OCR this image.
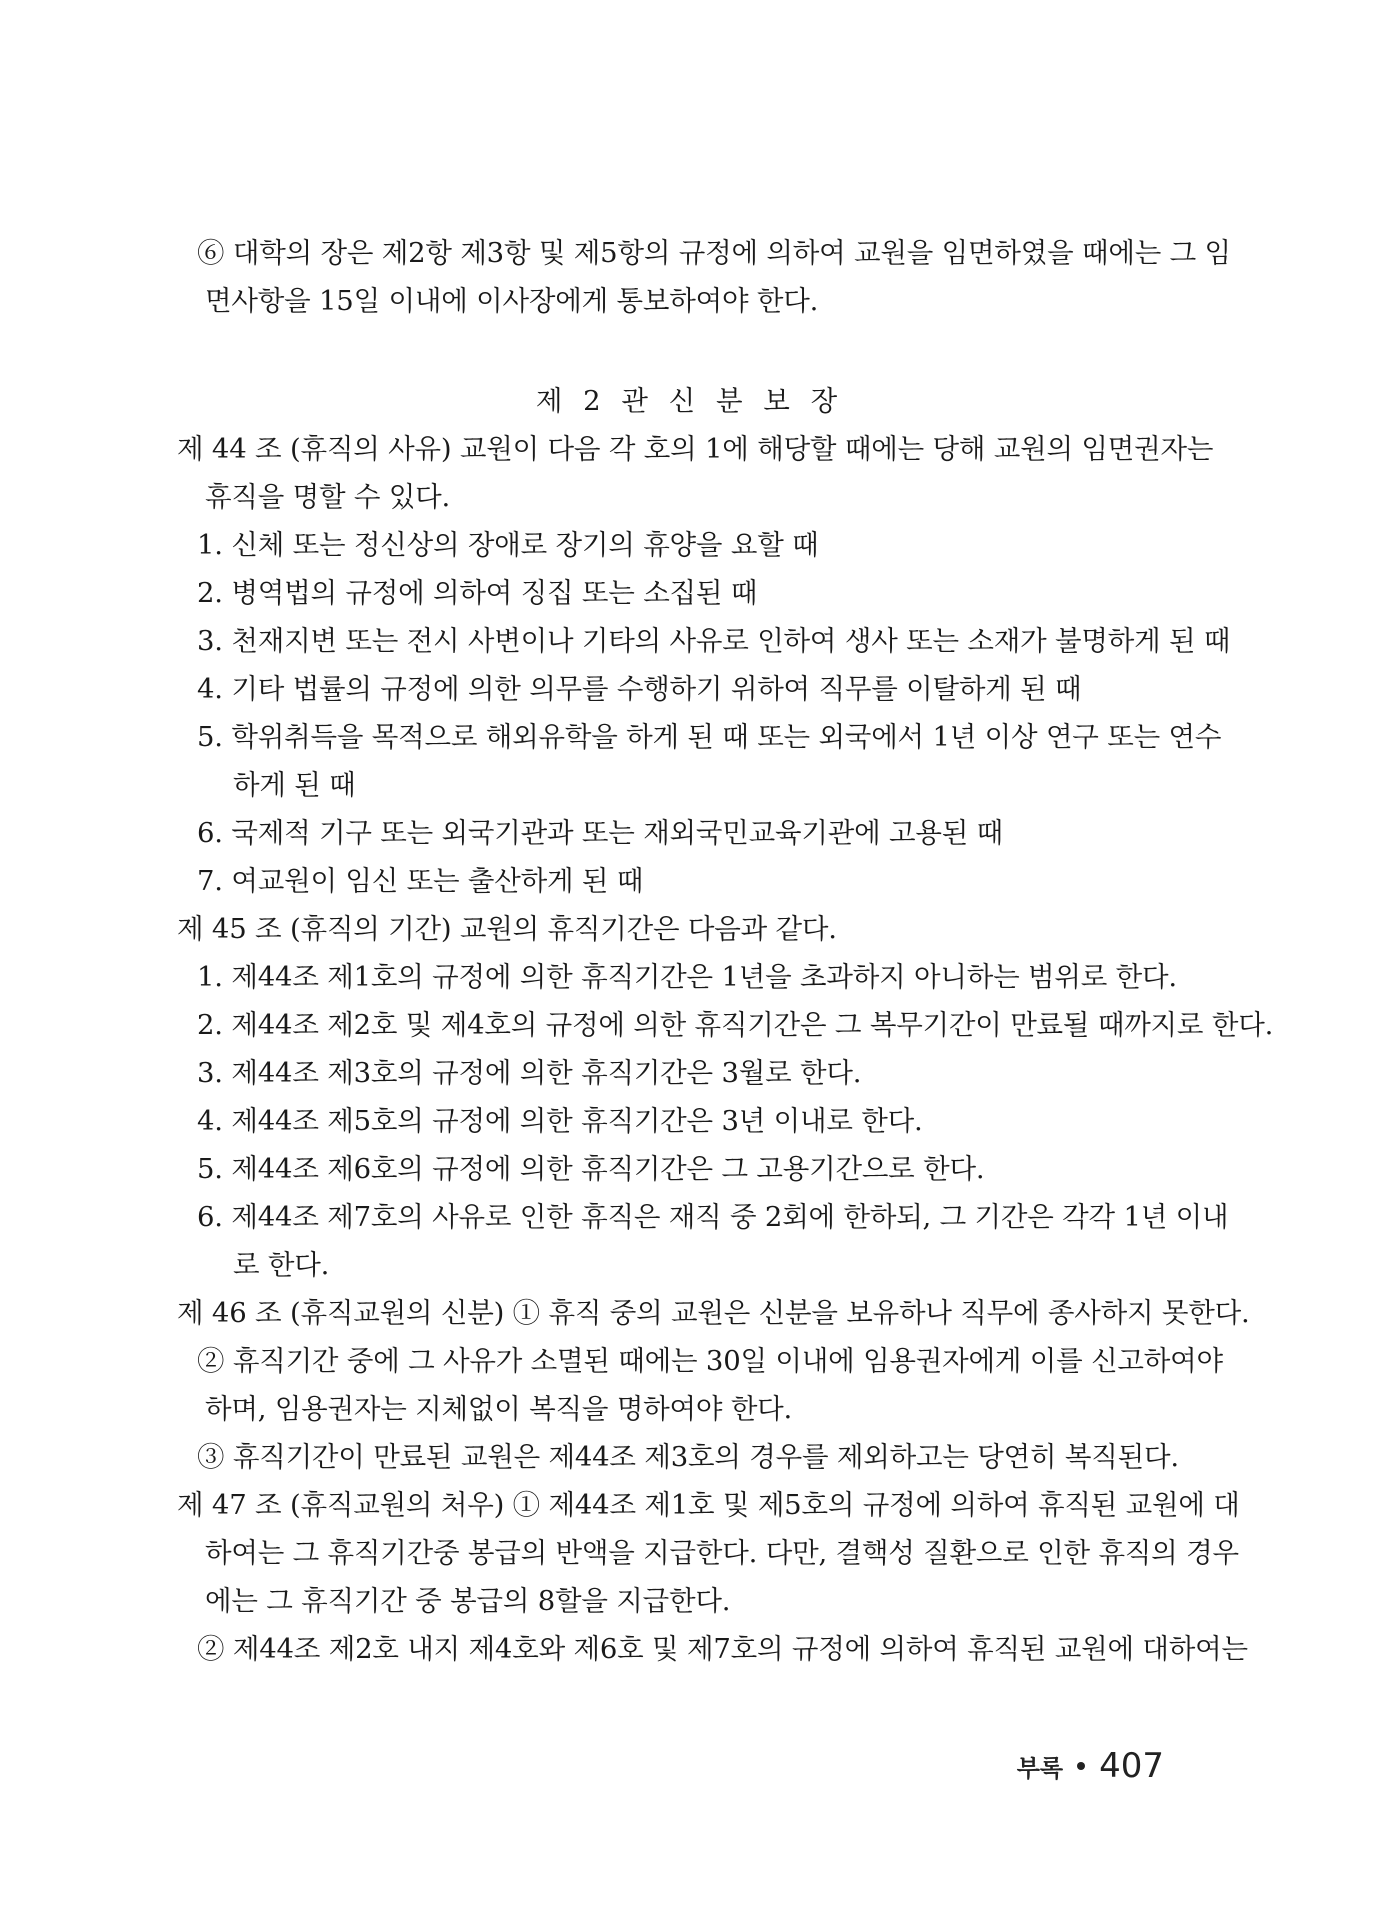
⑥ 대학의 장은 제2항 제3항 및 제5항의 규정에 의하여 교원을 임면하였을 때에는 그 임
면사항을 15일 이내에 이사장에게 통보하여야 한다.
제 2 관 신 분 보 장
제 44 조 (휴직의 사유) 교원이 다음 각 호의 1에 해당할 때에는 당해 교원의 임면권자는
휴직을 명할 수 있다.
1. 신체 또는 정신상의 장애로 장기의 휴양을 요할 때
2. 병역법의 규정에 의하여 징집 또는 소집된 때
3. 천재지변 또는 전시 사변이나 기타의 사유로 인하여 생사 또는 소재가 불명하게 된 때
4. 기타 법률의 규정에 의한 의무를 수행하기 위하여 직무를 이탈하게 된 때
5. 학위취득을 목적으로 해외유학을 하게 된 때 또는 외국에서 1년 이상 연구 또는 연수
하게 된 때
6. 국제적 기구 또는 외국기관과 또는 재외국민교육기관에 고용된 때
7. 여교원이 임신 또는 출산하게 된 때
제 45 조 (휴직의 기간) 교원의 휴직기간은 다음과 같다.
1. 제44조 제1호의 규정에 의한 휴직기간은 1년을 초과하지 아니하는 범위로 한다.
2. 제44조 제2호 및 제4호의 규정에 의한 휴직기간은 그 복무기간이 만료될 때까지로 한다.
3. 제44조 제3호의 규정에 의한 휴직기간은 3월로 한다.
4. 제44조 제5호의 규정에 의한 휴직기간은 3년 이내로 한다.
5. 제44조 제6호의 규정에 의한 휴직기간은 그 고용기간으로 한다.
6. 제44조 제7호의 사유로 인한 휴직은 재직 중 2회에 한하되, 그 기간은 각각 1년 이내
로 한다.
제 46 조 (휴직교원의 신분) ① 휴직 중의 교원은 신분을 보유하나 직무에 종사하지 못한다.
② 휴직기간 중에 그 사유가 소멸된 때에는 30일 이내에 임용권자에게 이를 신고하여야
하며, 임용권자는 지체없이 복직을 명하여야 한다.
③ 휴직기간이 만료된 교원은 제44조 제3호의 경우를 제외하고는 당연히 복직된다.
제 47 조 (휴직교원의 처우) ① 제44조 제1호 및 제5호의 규정에 의하여 휴직된 교원에 대
하여는 그 휴직기간중 봉급의 반액을 지급한다. 다만, 결핵성 질환으로 인한 휴직의 경우
에는 그 휴직기간 중 봉급의 8할을 지급한다.
② 제44조 제2호 내지 제4호와 제6호 및 제7호의 규정에 의하여 휴직된 교원에 대하여는
부록 407
